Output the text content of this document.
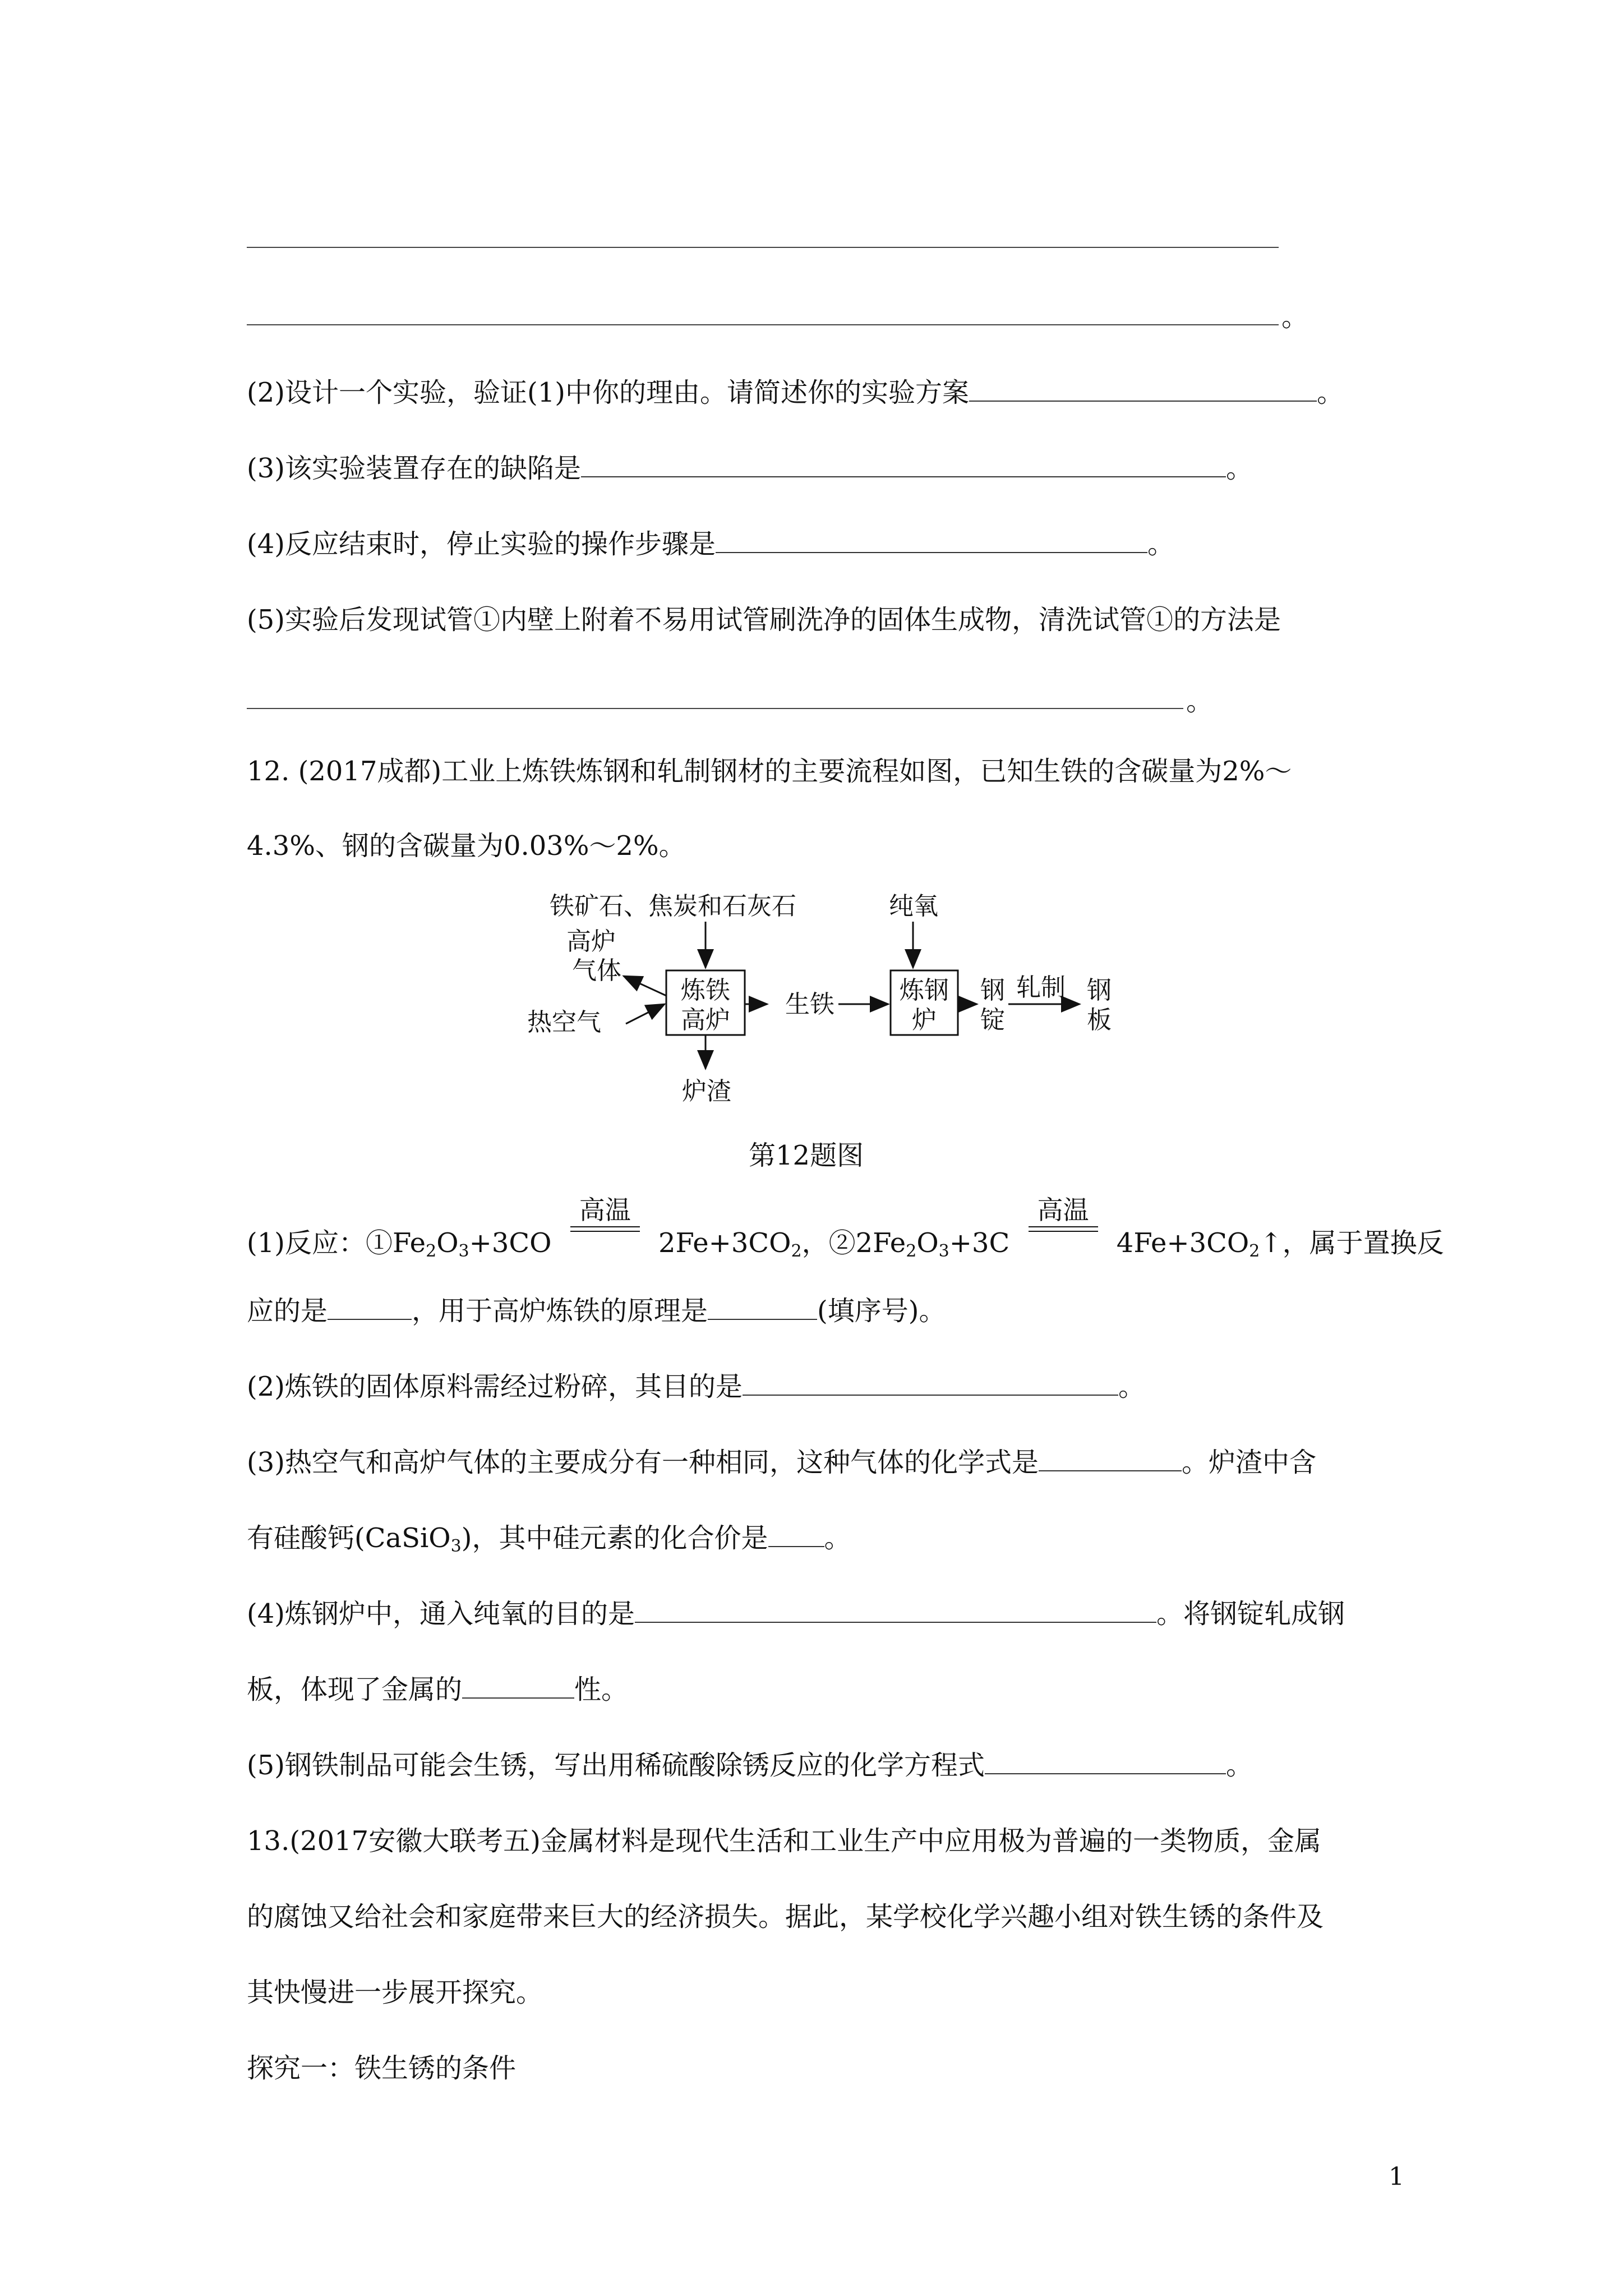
。
(2)设计一个实验，验证(1)中你的理由。请简述你的实验方案	。
(3)该实验装置存在的缺陷是	。
(4)反应结束时，停止实验的操作步骤是	。
(5)实验后发现试管①内壁上附着不易用试管刷洗净的固体生成物，清洗试管①的方法是
。
12. (2017成都)工业上炼铁炼钢和轧制钢材的主要流程如图，已知生铁的含碳量为2%～
4.3%、钢的含碳量为0.03%～2%。
铁矿石、焦炭和石灰石	纯氧
高炉
气体
热空气
炼铁
高炉
炉渣
生铁	炼钢
炉
钢
锭
轧制 钢
板
第12题图
(1)反应：$①Fe_2O_3+3CO$
高温
$2Fe+3CO_2$，$②2Fe_2O_3+3C$
高温
$4Fe+3CO_2↑$，属于置换反
应的是	，用于高炉炼铁的原理是	(填序号)。
(2)炼铁的固体原料需经过粉碎，其目的是	。
(3)热空气和高炉气体的主要成分有一种相同，这种气体的化学式是	。炉渣中含
有硅酸钙(CaSiO$_3$)，其中硅元素的化合价是 。
(4)炼钢炉中，通入纯氧的目的是	。将钢锭轧成钢
板，体现了金属的	性。
(5)钢铁制品可能会生锈，写出用稀硫酸除锈反应的化学方程式	。
13.(2017安徽大联考五)金属材料是现代生活和工业生产中应用极为普遍的一类物质，金属
的腐蚀又给社会和家庭带来巨大的经济损失。据此，某学校化学兴趣小组对铁生锈的条件及
其快慢进一步展开探究。
探究一：铁生锈的条件
1
